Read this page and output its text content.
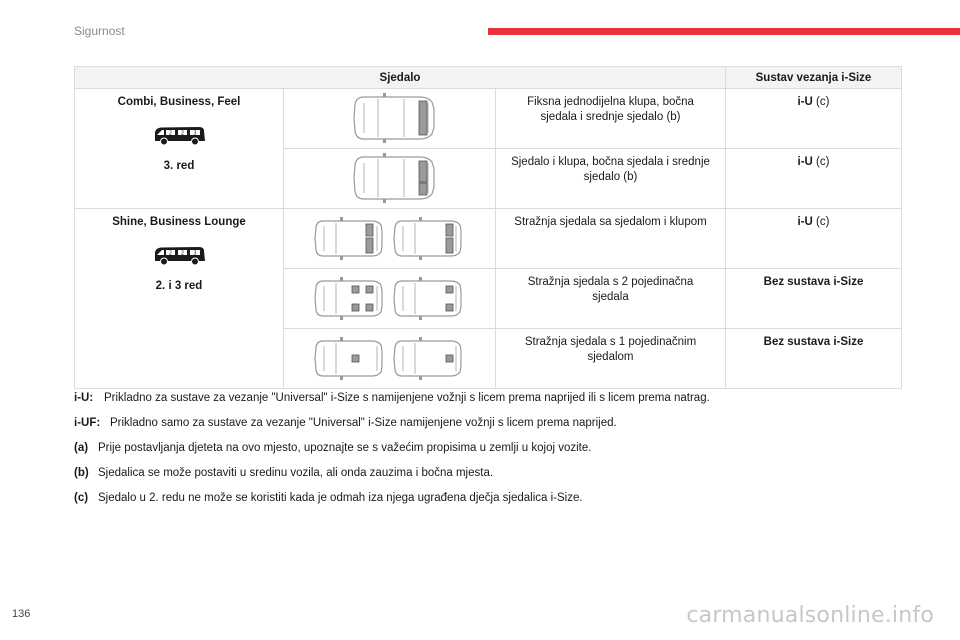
Sigurnost
Sjedalo			Sustav vezanja i-Size

Combi, Business, Feel
2 2 3
3. red		Fiksna jednodijelna klupa, bočna sjedala i srednje sjedalo (b)	i-U (c)

	Sjedalo i klupa, bočna sjedala i srednje sjedalo (b)	i-U (c)

Shine, Business Lounge
2 2 3
2. i 3 red		Stražnja sjedala sa sjedalom i klupom	i-U (c)

	Stražnja sjedala s 2 pojedinačna sjedala	Bez sustava i-Size

	Stražnja sjedala s 1 pojedinačnim sjedalom	Bez sustava i-Size
i-U: Prikladno za sustave za vezanje "Universal" i-Size s namijenjene vožnji s licem prema naprijed ili s licem prema natrag.
i-UF: Prikladno samo za sustave za vezanje "Universal" i-Size namijenjene vožnji s licem prema naprijed.
(a) Prije postavljanja djeteta na ovo mjesto, upoznajte se s važećim propisima u zemlji u kojoj vozite.
(b) Sjedalica se može postaviti u sredinu vozila, ali onda zauzima i bočna mjesta.
(c) Sjedalo u 2. redu ne može se koristiti kada je odmah iza njega ugrađena dječja sjedalica i-Size.
136	carmanualsonline.info
